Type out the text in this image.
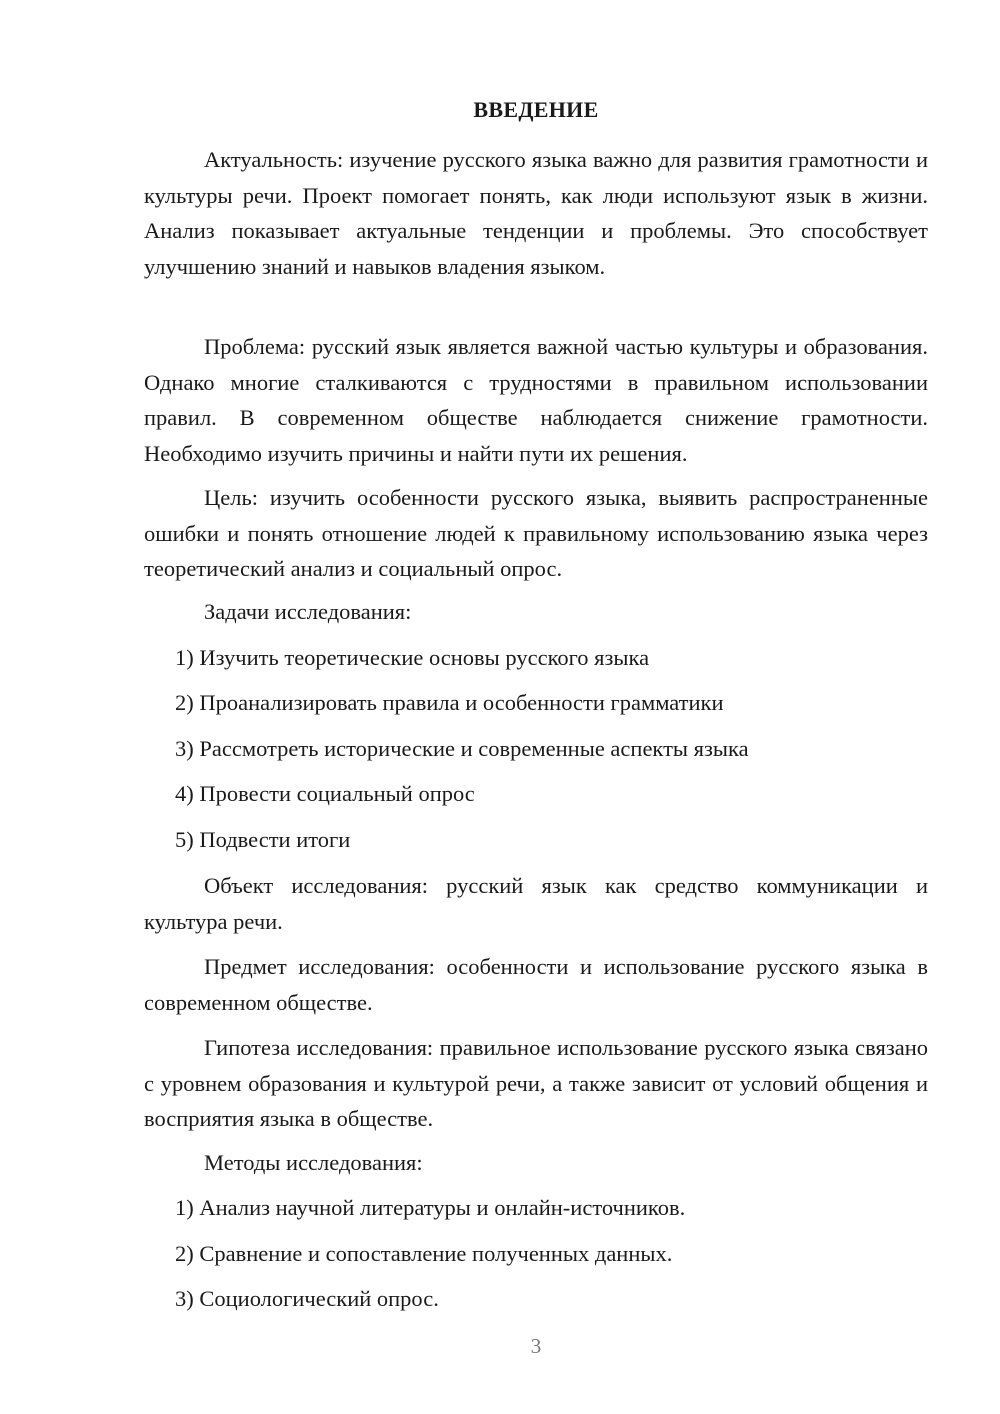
ВВЕДЕНИЕ

Актуальность: изучение русского языка важно для развития грамотности и культуры речи. Проект помогает понять, как люди используют язык в жизни. Анализ показывает актуальные тенденции и проблемы. Это способствует улучшению знаний и навыков владения языком.

Проблема: русский язык является важной частью культуры и образования. Однако многие сталкиваются с трудностями в правильном использовании правил. В современном обществе наблюдается снижение грамотности. Необходимо изучить причины и найти пути их решения.

Цель: изучить особенности русского языка, выявить распространенные ошибки и понять отношение людей к правильному использованию языка через теоретический анализ и социальный опрос.

Задачи исследования:

1) Изучить теоретические основы русского языка

2) Проанализировать правила и особенности грамматики

3) Рассмотреть исторические и современные аспекты языка

4) Провести социальный опрос

5) Подвести итоги

Объект исследования: русский язык как средство коммуникации и культура речи.

Предмет исследования: особенности и использование русского языка в современном обществе.

Гипотеза исследования: правильное использование русского языка связано с уровнем образования и культурой речи, а также зависит от условий общения и восприятия языка в обществе.

Методы исследования:

1) Анализ научной литературы и онлайн-источников.

2) Сравнение и сопоставление полученных данных.

3) Социологический опрос.

3
